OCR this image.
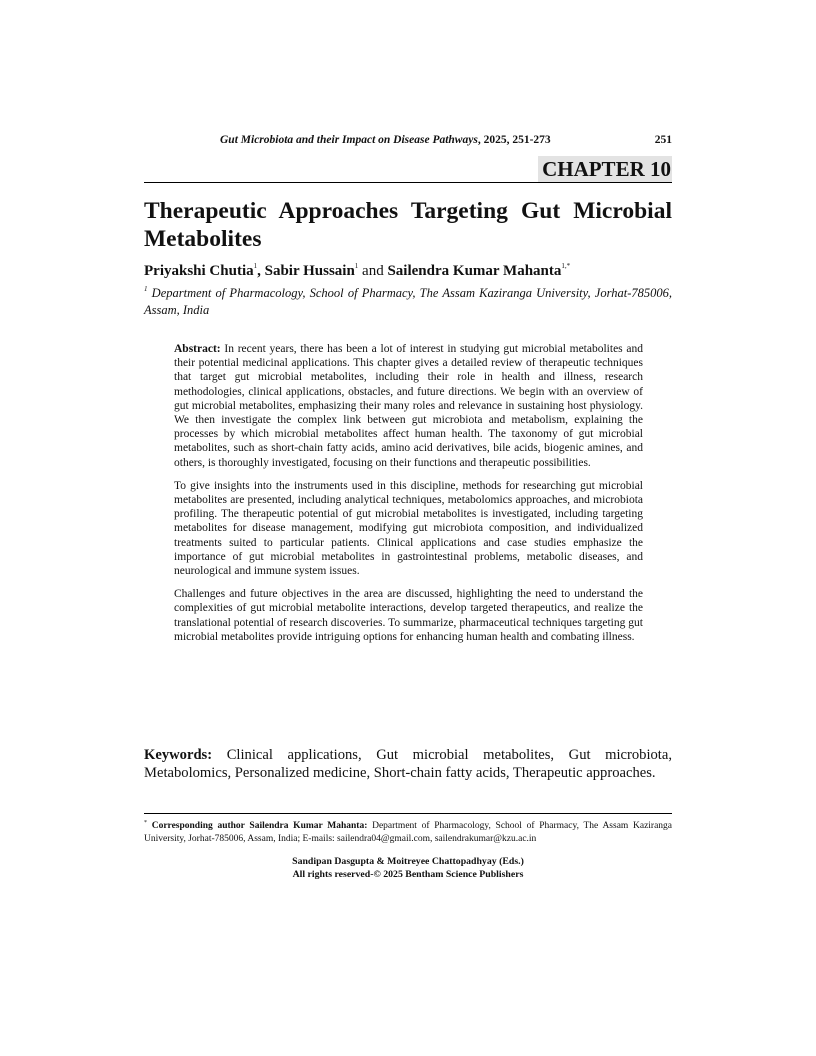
Gut Microbiota and their Impact on Disease Pathways, 2025, 251-273	251
CHAPTER 10
Therapeutic Approaches Targeting Gut Microbial Metabolites
Priyakshi Chutia$^1$, Sabir Hussain$^1$ and Sailendra Kumar Mahanta$^{1,*}$
$^1$ Department of Pharmacology, School of Pharmacy, The Assam Kaziranga University, Jorhat-785006, Assam, India

Abstract: In recent years, there has been a lot of interest in studying gut microbial metabolites and their potential medicinal applications. This chapter gives a detailed review of therapeutic techniques that target gut microbial metabolites, including their role in health and illness, research methodologies, clinical applications, obstacles, and future directions. We begin with an overview of gut microbial metabolites, emphasizing their many roles and relevance in sustaining host physiology. We then investigate the complex link between gut microbiota and metabolism, explaining the processes by which microbial metabolites affect human health. The taxonomy of gut microbial metabolites, such as short-chain fatty acids, amino acid derivatives, bile acids, biogenic amines, and others, is thoroughly investigated, focusing on their functions and therapeutic possibilities.

To give insights into the instruments used in this discipline, methods for researching gut microbial metabolites are presented, including analytical techniques, metabolomics approaches, and microbiota profiling. The therapeutic potential of gut microbial metabolites is investigated, including targeting metabolites for disease management, modifying gut microbiota composition, and individualized treatments suited to particular patients. Clinical applications and case studies emphasize the importance of gut microbial metabolites in gastrointestinal problems, metabolic diseases, and neurological and immune system issues.

Challenges and future objectives in the area are discussed, highlighting the need to understand the complexities of gut microbial metabolite interactions, develop targeted therapeutics, and realize the translational potential of research discoveries. To summarize, pharmaceutical techniques targeting gut microbial metabolites provide intriguing options for enhancing human health and combating illness.

Keywords: Clinical applications, Gut microbial metabolites, Gut microbiota, Metabolomics, Personalized medicine, Short-chain fatty acids, Therapeutic approaches.
* Corresponding author Sailendra Kumar Mahanta: Department of Pharmacology, School of Pharmacy, The Assam Kaziranga University, Jorhat-785006, Assam, India; E-mails: sailendra04@gmail.com, sailendrakumar@kzu.ac.in
Sandipan Dasgupta & Moitreyee Chattopadhyay (Eds.)
All rights reserved-© 2025 Bentham Science Publishers
